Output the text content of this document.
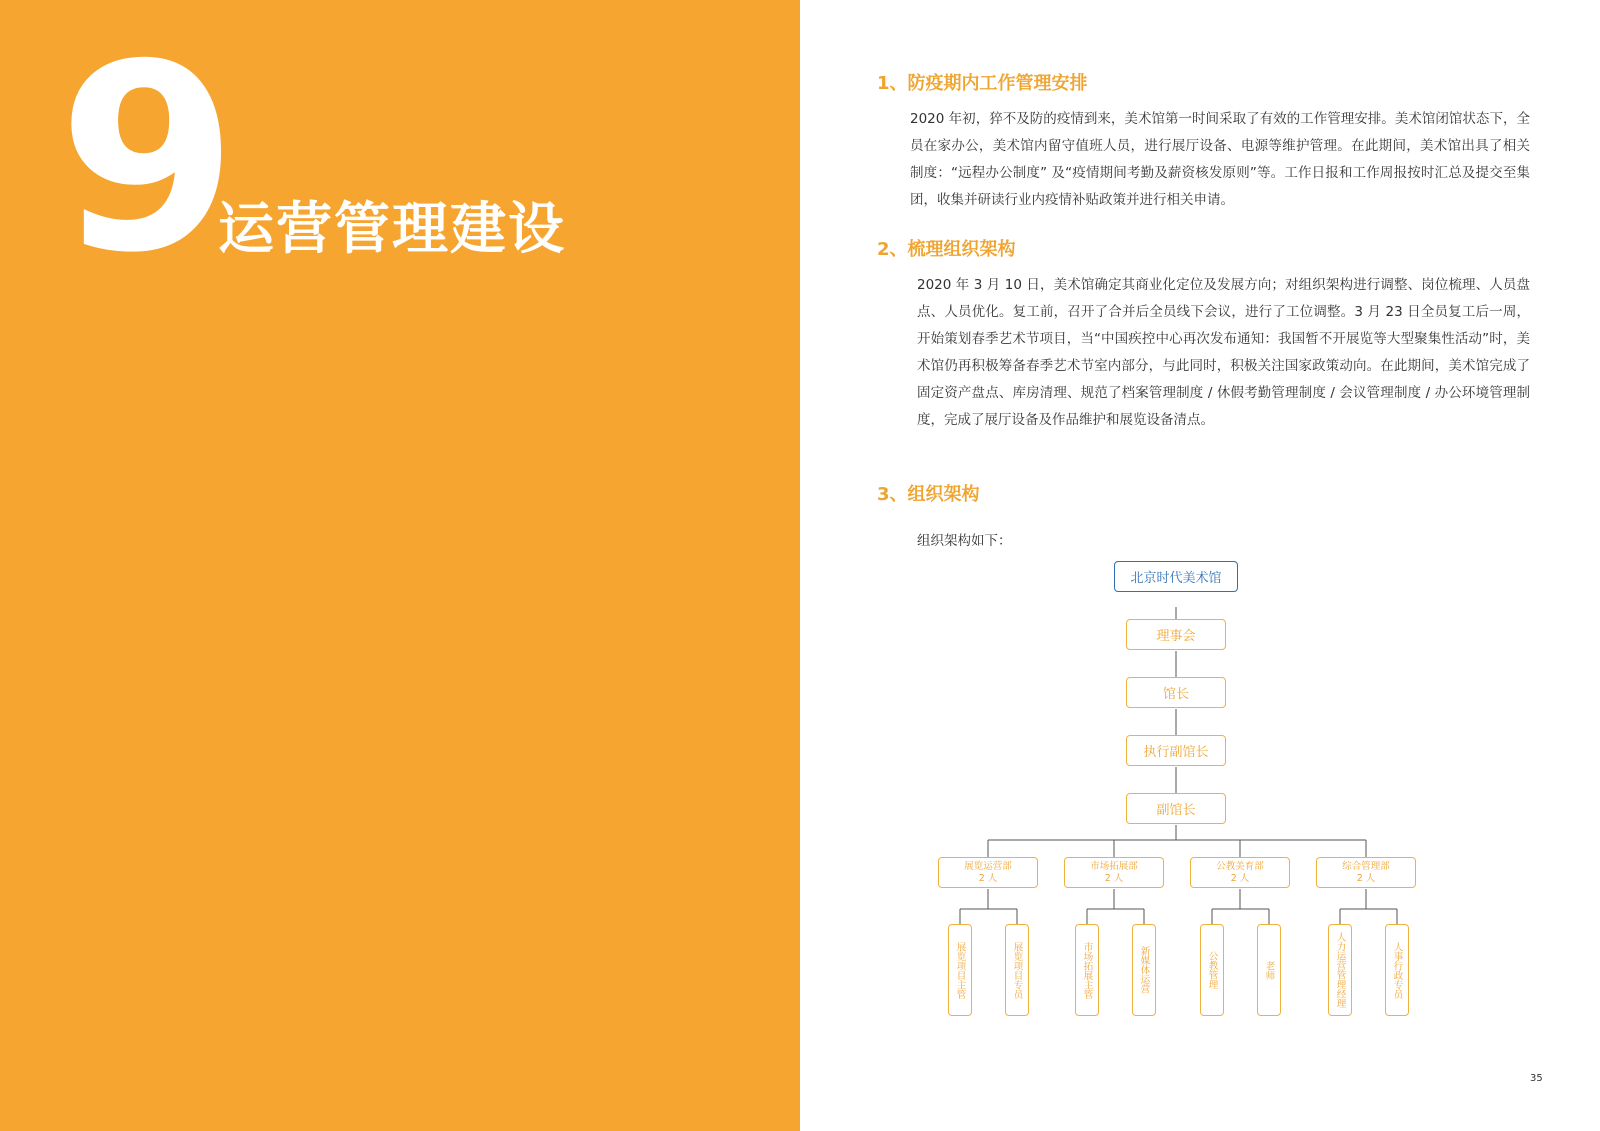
9
运营管理建设
1、防疫期内工作管理安排

2020 年初，猝不及防的疫情到来，美术馆第一时间采取了有效的工作管理安排。美术馆闭馆状态下，全员在家办公，美术馆内留守值班人员，进行展厅设备、电源等维护管理。在此期间，美术馆出具了相关制度：“远程办公制度” 及“疫情期间考勤及薪资核发原则”等。工作日报和工作周报按时汇总及提交至集团，收集并研读行业内疫情补贴政策并进行相关申请。

2、梳理组织架构

2020 年 3 月 10 日，美术馆确定其商业化定位及发展方向；对组织架构进行调整、岗位梳理、人员盘点、人员优化。复工前，召开了合并后全员线下会议，进行了工位调整。3 月 23 日全员复工后一周，开始策划春季艺术节项目，当“中国疾控中心再次发布通知：我国暂不开展览等大型聚集性活动”时，美术馆仍再积极筹备春季艺术节室内部分，与此同时，积极关注国家政策动向。在此期间，美术馆完成了固定资产盘点、库房清理、规范了档案管理制度 / 休假考勤管理制度 / 会议管理制度 / 办公环境管理制度，完成了展厅设备及作品维护和展览设备清点。

3、组织架构
组织架构如下：
北京时代美术馆
理事会
馆长
执行副馆长
副馆长
展览运营部
2 人
市场拓展部
2 人
公教美育部
2 人
综合管理部
2 人
展览项目主管	展览项目专员	市场拓展主管	新媒体运营	公教管理	老师	人力运营管理经理	人事行政专员
35
